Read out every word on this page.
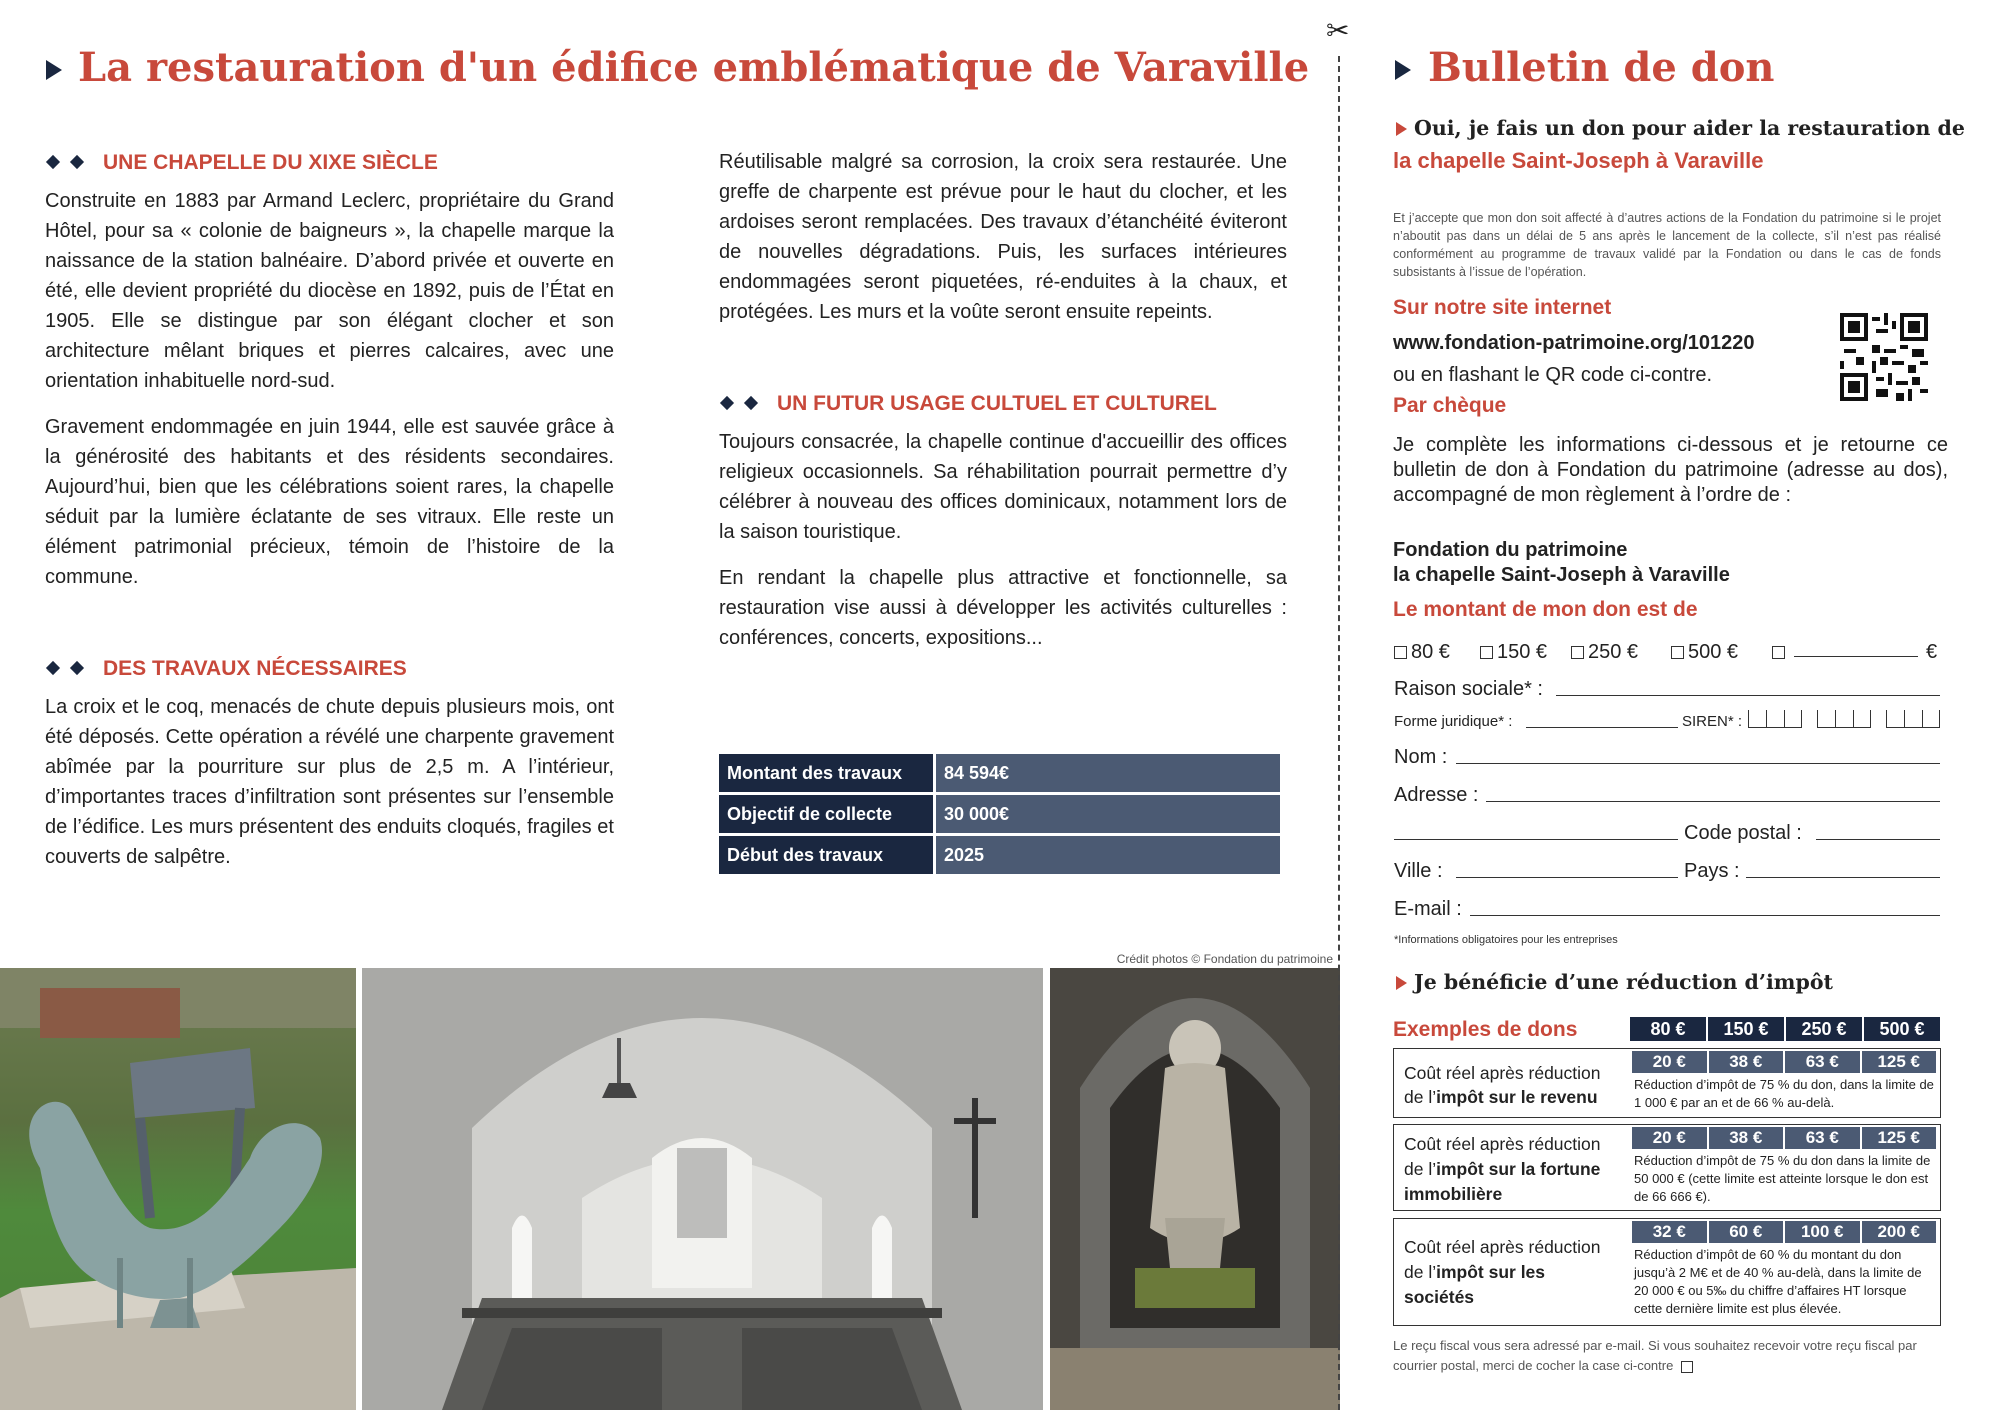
La restauration d'un édifice emblématique de Varaville
UNE CHAPELLE DU XIXE SIÈCLE

Construite en 1883 par Armand Leclerc, propriétaire du Grand Hôtel, pour sa « colonie de baigneurs », la chapelle marque la naissance de la station balnéaire. D’abord privée et ouverte en été, elle devient propriété du diocèse en 1892, puis de l’État en 1905. Elle se distingue par son élégant clocher et son architecture mêlant briques et pierres calcaires, avec une orientation inhabituelle nord-sud.

Gravement endommagée en juin 1944, elle est sauvée grâce à la générosité des habitants et des résidents secondaires. Aujourd’hui, bien que les célébrations soient rares, la chapelle séduit par la lumière éclatante de ses vitraux. Elle reste un élément patrimonial précieux, témoin de l’histoire de la commune.

DES TRAVAUX NÉCESSAIRES

La croix et le coq, menacés de chute depuis plusieurs mois, ont été déposés. Cette opération a révélé une charpente gravement abîmée par la pourriture sur plus de 2,5 m. A l’intérieur, d’importantes traces d’infiltration sont présentes sur l’ensemble de l’édifice. Les murs présentent des enduits cloqués, fragiles et couverts de salpêtre.

Réutilisable malgré sa corrosion, la croix sera restaurée. Une greffe de charpente est prévue pour le haut du clocher, et les ardoises seront remplacées. Des travaux d’étanchéité éviteront de nouvelles dégradations. Puis, les surfaces intérieures endommagées seront piquetées, ré-enduites à la chaux, et protégées. Les murs et la voûte seront ensuite repeints.

UN FUTUR USAGE CULTUEL ET CULTUREL

Toujours consacrée, la chapelle continue d'accueillir des offices religieux occasionnels. Sa réhabilitation pourrait permettre d’y célébrer à nouveau des offices dominicaux, notamment lors de la saison touristique.

En rendant la chapelle plus attractive et fonctionnelle, sa restauration vise aussi à développer les activités culturelles : conférences, concerts, expositions...

Montant des travaux	84 594€
Objectif de collecte	30 000€
Début des travaux	2025
Crédit photos © Fondation du patrimoine
✂
Bulletin de don
Oui, je fais un don pour aider la restauration de
la chapelle Saint-Joseph à Varaville
Et j’accepte que mon don soit affecté à d’autres actions de la Fondation du patrimoine si le projet n’aboutit pas dans un délai de 5 ans après le lancement de la collecte, s’il n’est pas réalisé conformément au programme de travaux validé par la Fondation ou dans le cas de fonds subsistants à l’issue de l’opération.
Sur notre site internet
www.fondation-patrimoine.org/101220
ou en flashant le QR code ci-contre.
Par chèque
Je complète les informations ci-dessous et je retourne ce bulletin de don à Fondation du patrimoine (adresse au dos), accompagné de mon règlement à l’ordre de :
Fondation du patrimoine
la chapelle Saint-Joseph à Varaville
Le montant de mon don est de
80 €	150 €	250 €	500 €	€
Raison sociale* :
Forme juridique* :	SIREN* :

Nom :
Adresse :
Code postal :
Ville :	Pays :
E-mail :
*Informations obligatoires pour les entreprises
Je bénéficie d’une réduction d’impôt
Exemples de dons	80 €	150 €	250 €	500 €
Coût réel après réduction
de l’impôt sur le revenu
20 €	38 €	63 €	125 €
Réduction d’impôt de 75 % du don, dans la limite de 1 000 € par an et de 66 % au-delà.
Coût réel après réduction
de l’impôt sur la fortune
immobilière
20 €	38 €	63 €	125 €
Réduction d’impôt de 75 % du don dans la limite de 50 000 € (cette limite est atteinte lorsque le don est de 66 666 €).
Coût réel après réduction
de l’impôt sur les
sociétés
32 €	60 €	100 €	200 €
Réduction d’impôt de 60 % du montant du don jusqu’à 2 M€ et de 40 % au-delà, dans la limite de 20 000 € ou 5‰ du chiffre d’affaires HT lorsque cette dernière limite est plus élevée.
Le reçu fiscal vous sera adressé par e-mail. Si vous souhaitez recevoir votre reçu fiscal par courrier postal, merci de cocher la case ci-contre
